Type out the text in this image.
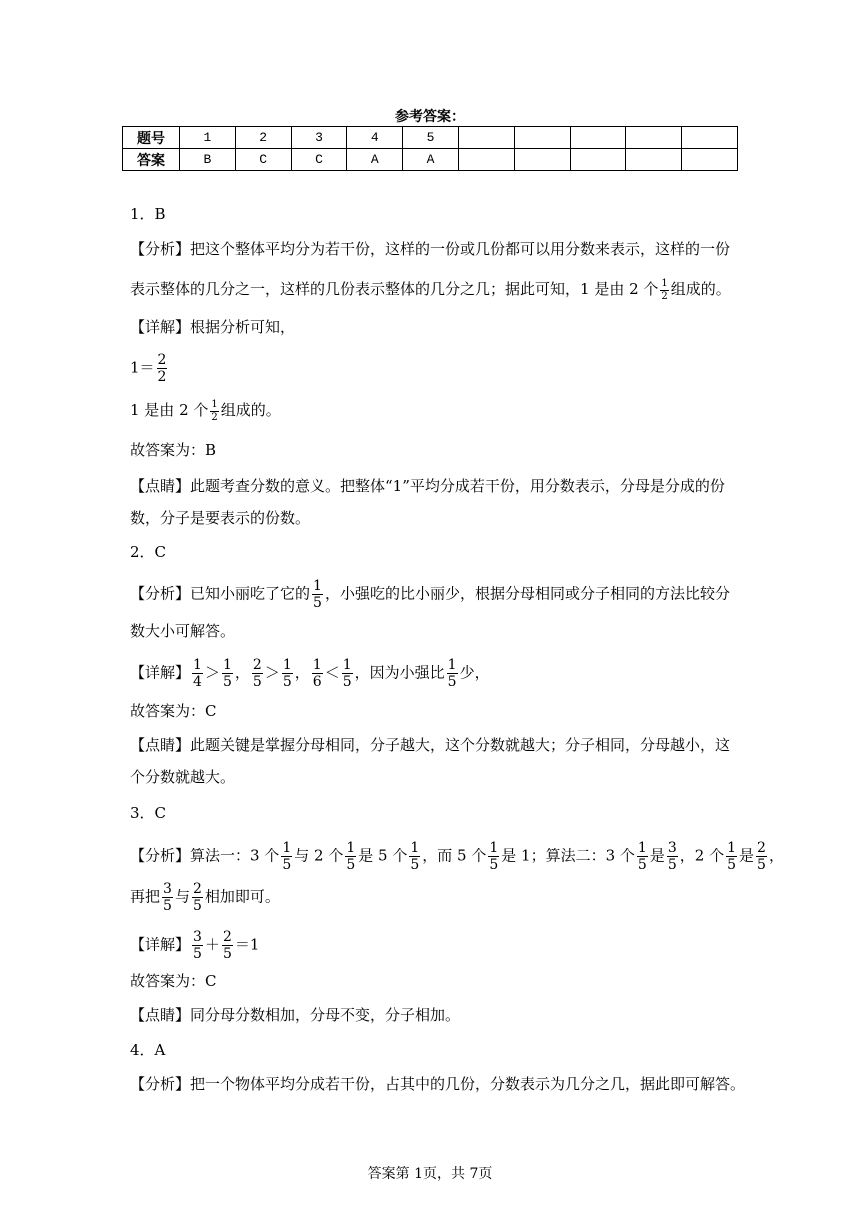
参考答案：
题号	1	2	3	4	5					
答案	B	C	C	A	A					
1．B
【分析】把这个整体平均分为若干份，这样的一份或几份都可以用分数来表示，这样的一份
表示整体的几分之一，这样的几份表示整体的几分之几；据此可知，1 是由 2 个 $\frac{1}{2}$ 组成的。
【详解】根据分析可知，
$1= \frac{2}{2}$
1 是由 2 个 $\frac{1}{2}$ 组成的。
故答案为：B
【点睛】此题考查分数的意义。把整体“1”平均分成若干份，用分数表示，分母是分成的份
数，分子是要表示的份数。
2．C
【分析】已知小丽吃了它的 $\frac{1}{5}$ ，小强吃的比小丽少，根据分母相同或分子相同的方法比较分
数大小可解答。
【详解】 $\frac{1}{4} > \frac{1}{5}$ ， $\frac{2}{5} > \frac{1}{5}$ ， $\frac{1}{6} < \frac{1}{5}$ ，因为小强比 $\frac{1}{5}$ 少，
故答案为：C
【点睛】此题关键是掌握分母相同，分子越大，这个分数就越大；分子相同，分母越小，这
个分数就越大。
3．C
【分析】算法一：3 个 $\frac{1}{5}$ 与 2 个 $\frac{1}{5}$ 是 5 个 $\frac{1}{5}$ ，而 5 个 $\frac{1}{5}$ 是 1；算法二：3 个 $\frac{1}{5}$ 是 $\frac{3}{5}$ ，2 个 $\frac{1}{5}$ 是 $\frac{2}{5}$ ，
再把 $\frac{3}{5}$ 与 $\frac{2}{5}$ 相加即可。
【详解】 $\frac{3}{5} + \frac{2}{5} =1$
故答案为：C
【点睛】同分母分数相加，分母不变，分子相加。
4．A
【分析】把一个物体平均分成若干份，占其中的几份，分数表示为几分之几，据此即可解答。
答案第 1页，共 7页
